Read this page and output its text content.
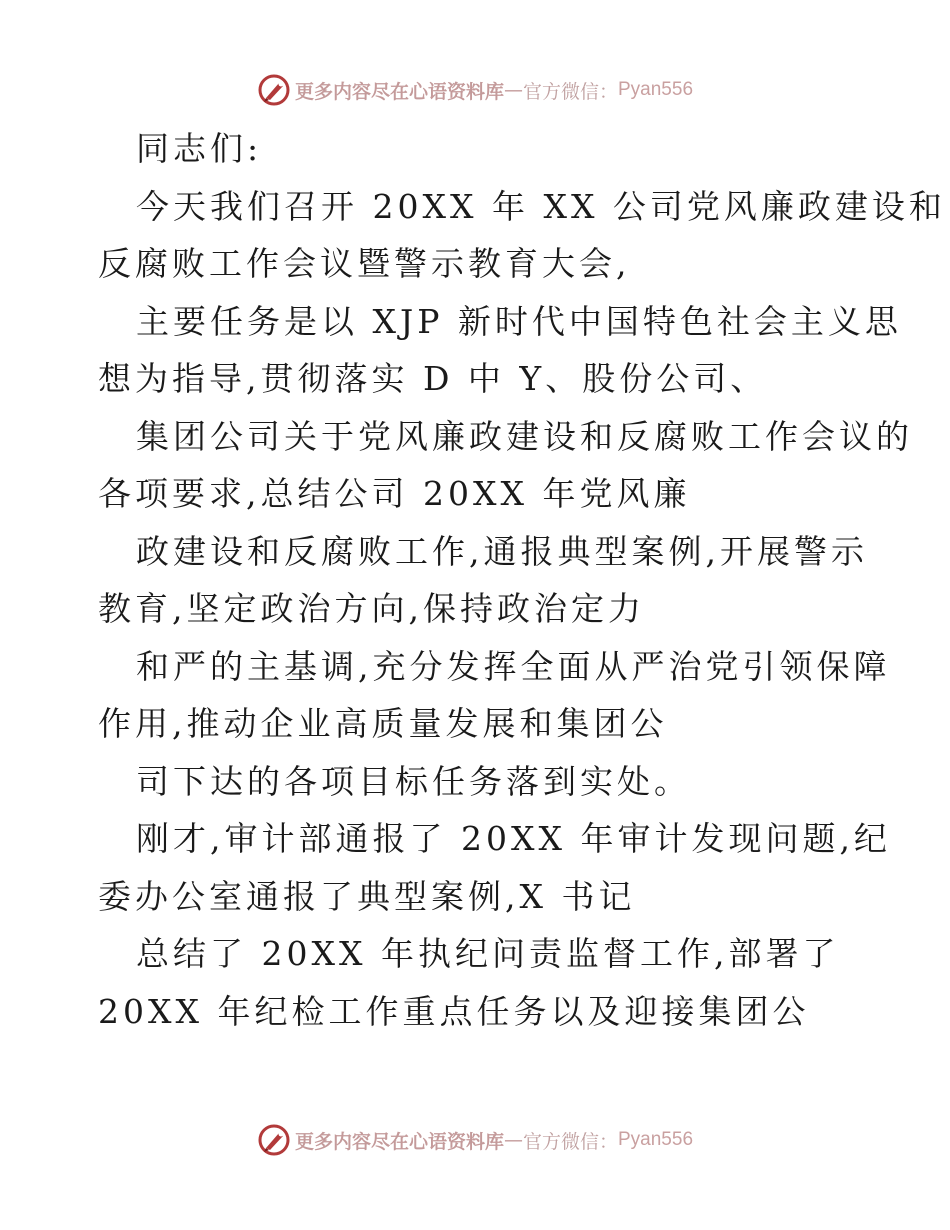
更多内容尽在心语资料库 — 官方微信： Pyan556
同志们:
今天我们召开 20XX 年 XX 公司党风廉政建设和
反腐败工作会议暨警示教育大会,
主要任务是以 XJP 新时代中国特色社会主义思
想为指导,贯彻落实 D 中 Y、股份公司、
集团公司关于党风廉政建设和反腐败工作会议的
各项要求,总结公司 20XX 年党风廉
政建设和反腐败工作,通报典型案例,开展警示
教育,坚定政治方向,保持政治定力
和严的主基调,充分发挥全面从严治党引领保障
作用,推动企业高质量发展和集团公
司下达的各项目标任务落到实处。
刚才,审计部通报了 20XX 年审计发现问题,纪
委办公室通报了典型案例,X 书记
总结了 20XX 年执纪问责监督工作,部署了
20XX 年纪检工作重点任务以及迎接集团公
更多内容尽在心语资料库 — 官方微信： Pyan556
